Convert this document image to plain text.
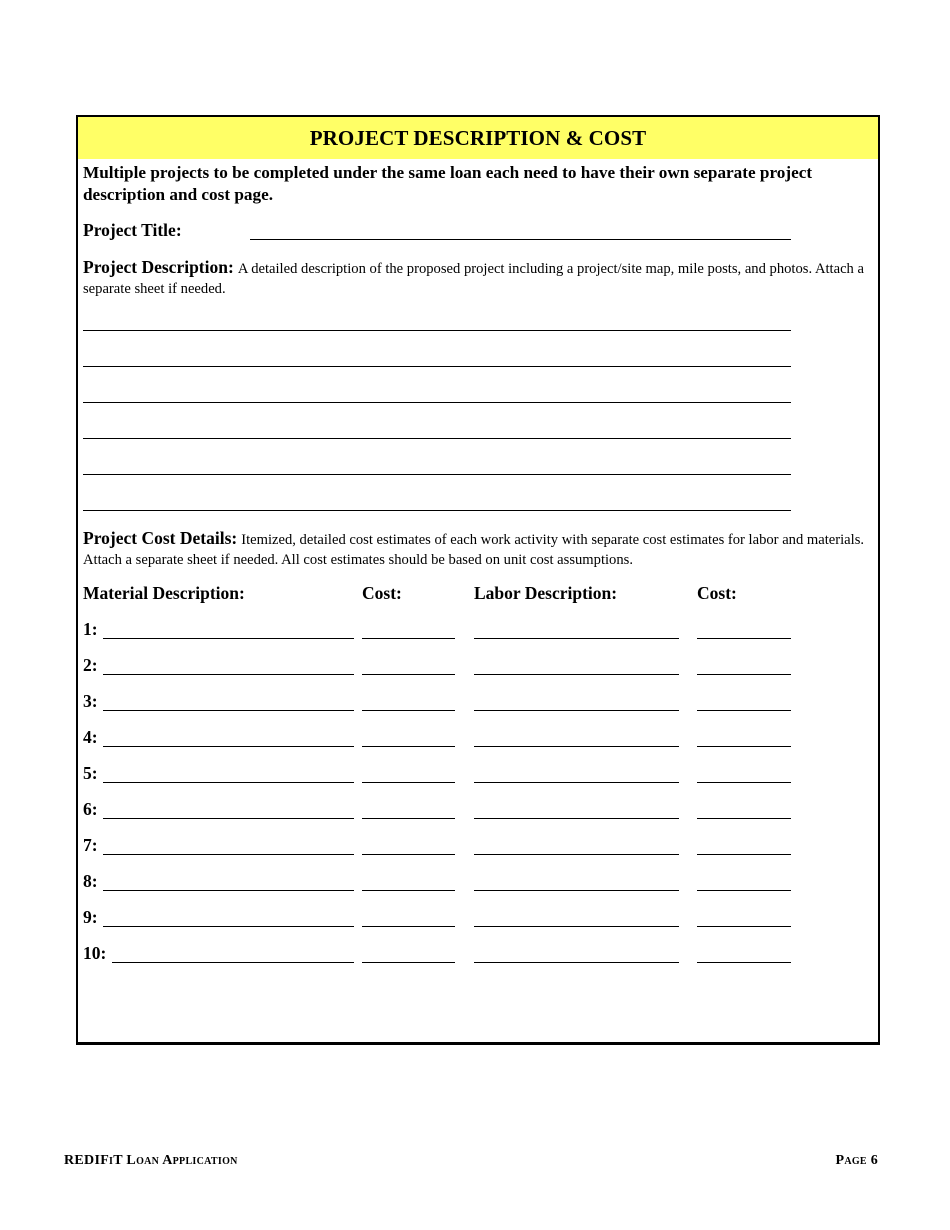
PROJECT DESCRIPTION & COST
Multiple projects to be completed under the same loan each need to have their own separate project description and cost page.
Project Title:
Project Description: A detailed description of the proposed project including a project/site map, mile posts, and photos. Attach a separate sheet if needed.
Project Cost Details: Itemized, detailed cost estimates of each work activity with separate cost estimates for labor and materials. Attach a separate sheet if needed. All cost estimates should be based on unit cost assumptions.
Material Description:	Cost:	Labor Description:	Cost:
1:
2:
3:
4:
5:
6:
7:
8:
9:
10:
REDIFiT Loan Application	Page 6
